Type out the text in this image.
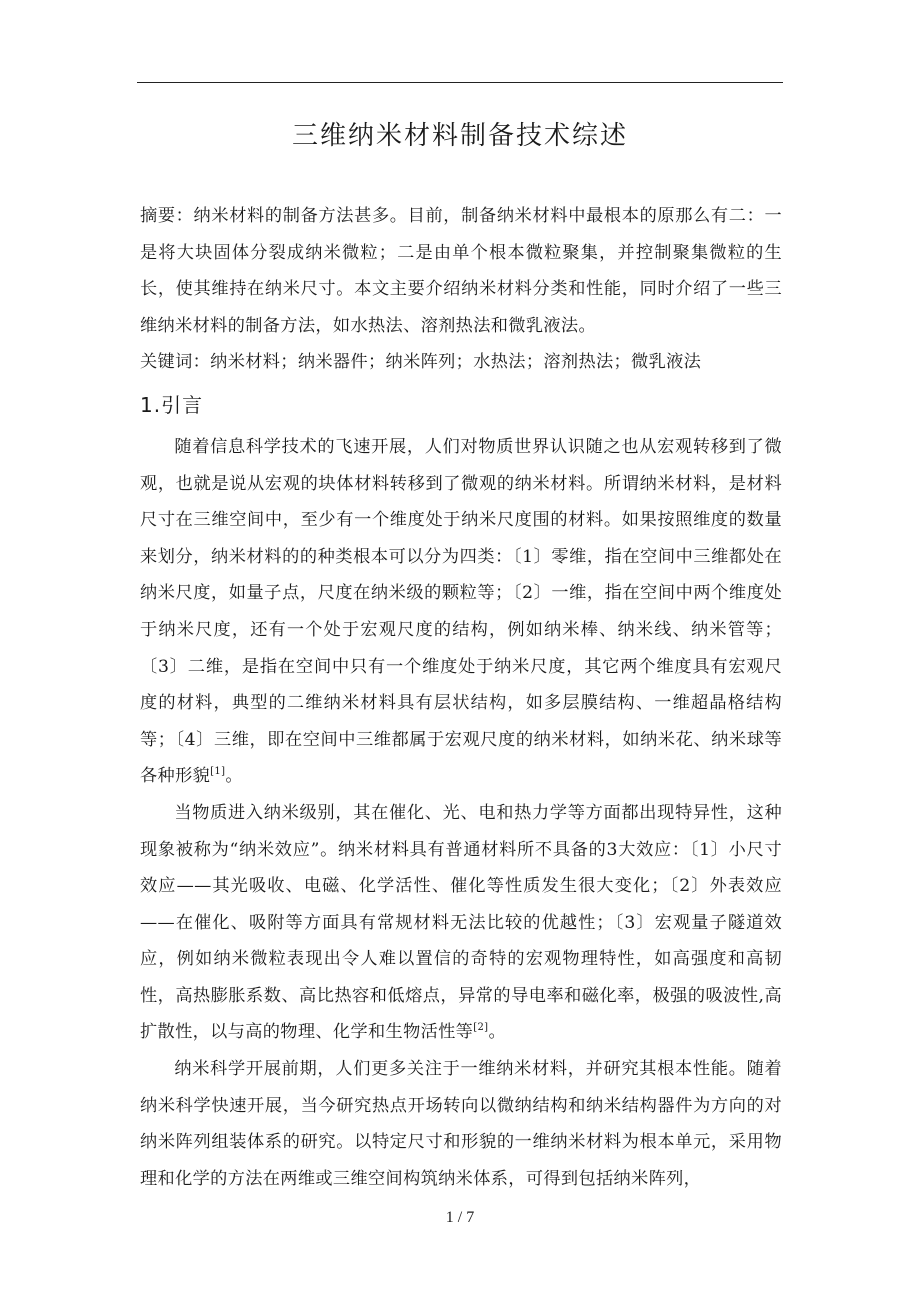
三维纳米材料制备技术综述

摘要：纳米材料的制备方法甚多。目前，制备纳米材料中最根本的原那么有二：一是将大块固体分裂成纳米微粒；二是由单个根本微粒聚集，并控制聚集微粒的生长，使其维持在纳米尺寸。本文主要介绍纳米材料分类和性能，同时介绍了一些三维纳米材料的制备方法，如水热法、溶剂热法和微乳液法。

关键词：纳米材料；纳米器件；纳米阵列；水热法；溶剂热法；微乳液法

1.引言

随着信息科学技术的飞速开展，人们对物质世界认识随之也从宏观转移到了微观，也就是说从宏观的块体材料转移到了微观的纳米材料。所谓纳米材料，是材料尺寸在三维空间中，至少有一个维度处于纳米尺度围的材料。如果按照维度的数量来划分，纳米材料的的种类根本可以分为四类：〔1〕零维，指在空间中三维都处在纳米尺度，如量子点，尺度在纳米级的颗粒等；〔2〕一维，指在空间中两个维度处于纳米尺度，还有一个处于宏观尺度的结构，例如纳米棒、纳米线、纳米管等；〔3〕二维，是指在空间中只有一个维度处于纳米尺度，其它两个维度具有宏观尺度的材料，典型的二维纳米材料具有层状结构，如多层膜结构、一维超晶格结构等；〔4〕三维，即在空间中三维都属于宏观尺度的纳米材料，如纳米花、纳米球等各种形貌[1]。

当物质进入纳米级别，其在催化、光、电和热力学等方面都出现特异性，这种现象被称为“纳米效应”。纳米材料具有普通材料所不具备的3大效应：〔1〕小尺寸效应——其光吸收、电磁、化学活性、催化等性质发生很大变化；〔2〕外表效应——在催化、吸附等方面具有常规材料无法比较的优越性；〔3〕宏观量子隧道效应，例如纳米微粒表现出令人难以置信的奇特的宏观物理特性，如高强度和高韧性，高热膨胀系数、高比热容和低熔点，异常的导电率和磁化率，极强的吸波性,高扩散性，以与高的物理、化学和生物活性等[2]。

纳米科学开展前期，人们更多关注于一维纳米材料，并研究其根本性能。随着纳米科学快速开展，当今研究热点开场转向以微纳结构和纳米结构器件为方向的对纳米阵列组装体系的研究。以特定尺寸和形貌的一维纳米材料为根本单元，采用物理和化学的方法在两维或三维空间构筑纳米体系，可得到包括纳米阵列，

1 / 7
